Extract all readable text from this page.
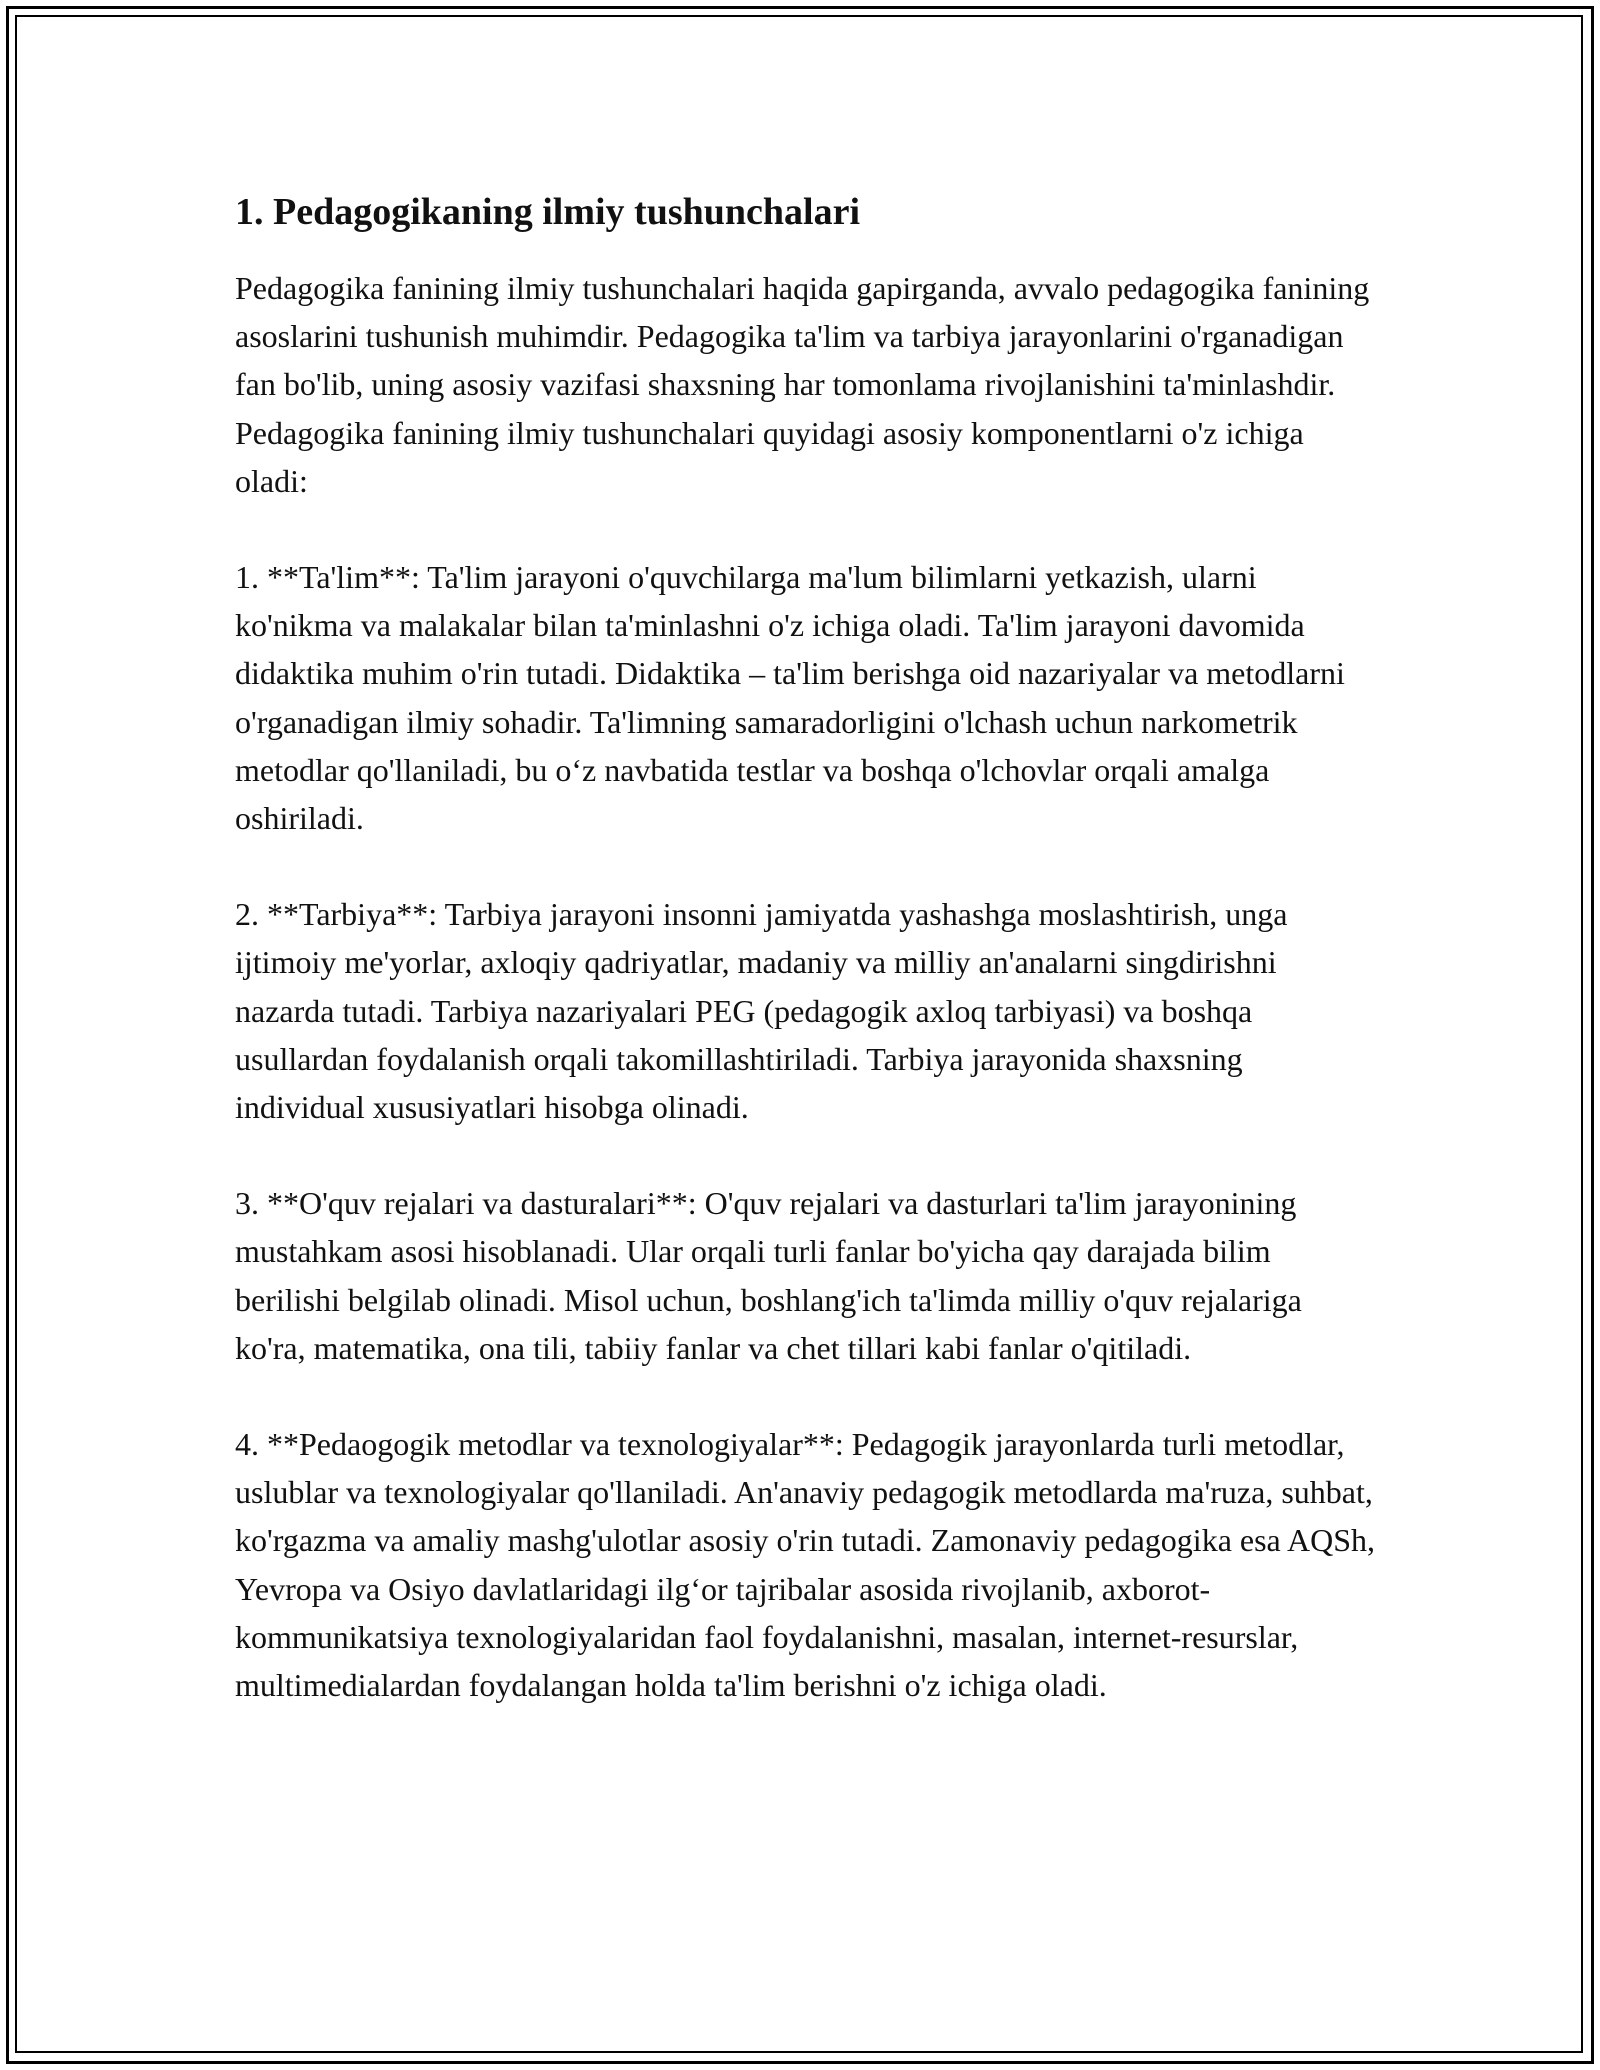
1. Pedagogikaning ilmiy tushunchalari

Pedagogika fanining ilmiy tushunchalari haqida gapirganda, avvalo pedagogika fanining asoslarini tushunish muhimdir. Pedagogika ta'lim va tarbiya jarayonlarini o'rganadigan fan bo'lib, uning asosiy vazifasi shaxsning har tomonlama rivojlanishini ta'minlashdir. Pedagogika fanining ilmiy tushunchalari quyidagi asosiy komponentlarni o'z ichiga oladi:

1. **Ta'lim**: Ta'lim jarayoni o'quvchilarga ma'lum bilimlarni yetkazish, ularni ko'nikma va malakalar bilan ta'minlashni o'z ichiga oladi. Ta'lim jarayoni davomida didaktika muhim o'rin tutadi. Didaktika – ta'lim berishga oid nazariyalar va metodlarni o'rganadigan ilmiy sohadir. Ta'limning samaradorligini o'lchash uchun narkometrik metodlar qo'llaniladi, bu o‘z navbatida testlar va boshqa o'lchovlar orqali amalga oshiriladi.

2. **Tarbiya**: Tarbiya jarayoni insonni jamiyatda yashashga moslashtirish, unga ijtimoiy me'yorlar, axloqiy qadriyatlar, madaniy va milliy an'analarni singdirishni nazarda tutadi. Tarbiya nazariyalari PEG (pedagogik axloq tarbiyasi) va boshqa usullardan foydalanish orqali takomillashtiriladi. Tarbiya jarayonida shaxsning individual xususiyatlari hisobga olinadi.

3. **O'quv rejalari va dasturalari**: O'quv rejalari va dasturlari ta'lim jarayonining mustahkam asosi hisoblanadi. Ular orqali turli fanlar bo'yicha qay darajada bilim berilishi belgilab olinadi. Misol uchun, boshlang'ich ta'limda milliy o'quv rejalariga ko'ra, matematika, ona tili, tabiiy fanlar va chet tillari kabi fanlar o'qitiladi.

4. **Pedaogogik metodlar va texnologiyalar**: Pedagogik jarayonlarda turli metodlar, uslublar va texnologiyalar qo'llaniladi. An'anaviy pedagogik metodlarda ma'ruza, suhbat, ko'rgazma va amaliy mashg'ulotlar asosiy o'rin tutadi. Zamonaviy pedagogika esa AQSh, Yevropa va Osiyo davlatlaridagi ilg‘or tajribalar asosida rivojlanib, axborot-kommunikatsiya texnologiyalaridan faol foydalanishni, masalan, internet-resurslar, multimedialardan foydalangan holda ta'lim berishni o'z ichiga oladi.
